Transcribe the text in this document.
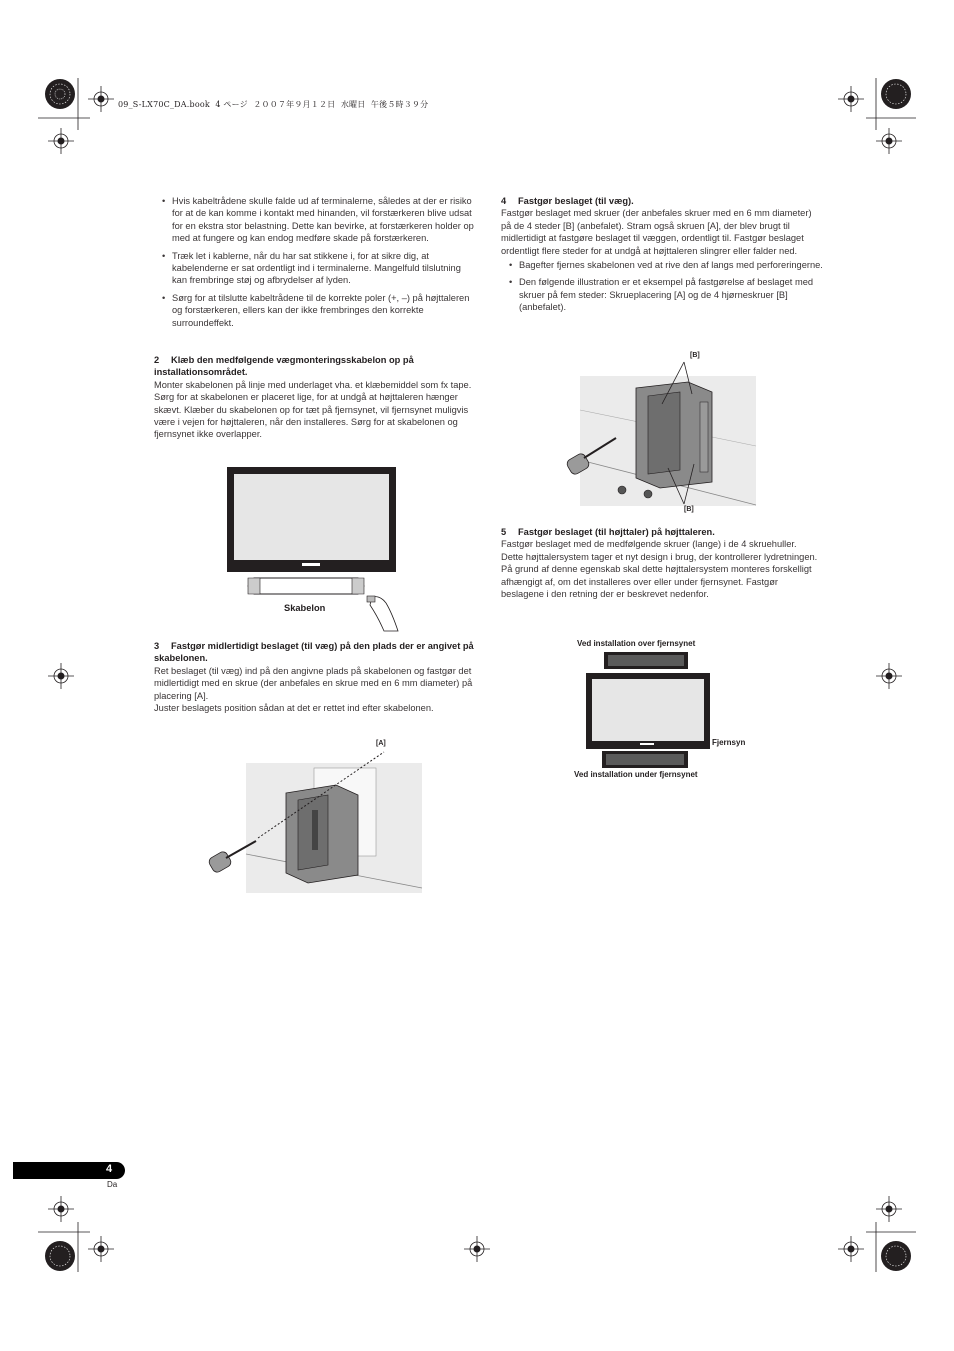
09_S-LX70C_DA.book  4 ページ  ２００７年９月１２日  水曜日  午後５時３９分
• Hvis kabeltrådene skulle falde ud af terminalerne, således at der er risiko for at de kan komme i kontakt med hinanden, vil forstærkeren blive udsat for en ekstra stor belastning. Dette kan bevirke, at forstærkeren holder op med at fungere og kan endog medføre skade på forstærkeren.
• Træk let i kablerne, når du har sat stikkene i, for at sikre dig, at kabelenderne er sat ordentligt ind i terminalerne. Mangelfuld tilslutning kan frembringe støj og afbrydelser af lyden.
• Sørg for at tilslutte kabeltrådene til de korrekte poler (+, –) på højttaleren og forstærkeren, ellers kan der ikke frembringes den korrekte surroundeffekt.
2 Klæb den medfølgende vægmonteringsskabelon op på installationsområdet.

Monter skabelonen på linje med underlaget vha. et klæbemiddel som fx tape. Sørg for at skabelonen er placeret lige, for at undgå at højttaleren hænger skævt. Klæber du skabelonen op for tæt på fjernsynet, vil fjernsynet muligvis være i vejen for højttaleren, når den installeres. Sørg for at skabelonen og fjernsynet ikke overlapper.

Skabelon
3 Fastgør midlertidigt beslaget (til væg) på den plads der er angivet på skabelonen.

Ret beslaget (til væg) ind på den angivne plads på skabelonen og fastgør det midlertidigt med en skrue (der anbefales en skrue med en 6 mm diameter) på placering [A].

Juster beslagets position sådan at det er rettet ind efter skabelonen.

[A]
4 Fastgør beslaget (til væg).

Fastgør beslaget med skruer (der anbefales skruer med en 6 mm diameter) på de 4 steder [B] (anbefalet). Stram også skruen [A], der blev brugt til midlertidigt at fastgøre beslaget til væggen, ordentligt til. Fastgør beslaget ordentligt flere steder for at undgå at højttaleren slingrer eller falder ned.

• Bagefter fjernes skabelonen ved at rive den af langs med perforeringerne.
• Den følgende illustration er et eksempel på fastgørelse af beslaget med skruer på fem steder: Skrueplacering [A] og de 4 hjørneskruer [B] (anbefalet).
[B]
[B]
5 Fastgør beslaget (til højttaler) på højttaleren.

Fastgør beslaget med de medfølgende skruer (lange) i de 4 skruehuller.

Dette højttalersystem tager et nyt design i brug, der kontrollerer lydretningen. På grund af denne egenskab skal dette højttalersystem monteres forskelligt afhængigt af, om det installeres over eller under fjernsynet. Fastgør beslagene i den retning der er beskrevet nedenfor.

Ved installation over fjernsynet
Fjernsyn
Ved installation under fjernsynet
4
Da
